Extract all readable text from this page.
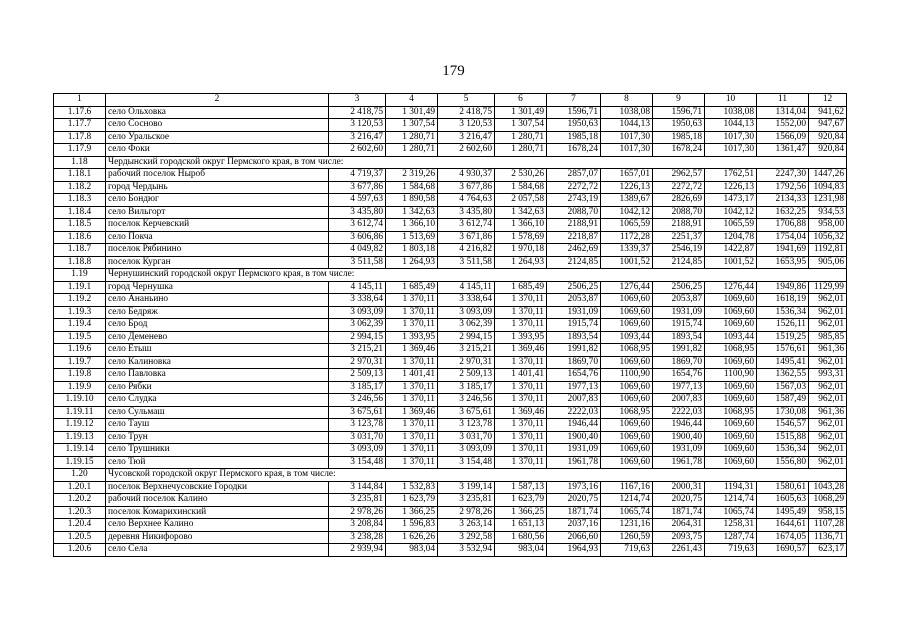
179
1	2	3	4	5	6	7	8	9	10	11	12
1.17.6	село Ольховка	2 418,75	1 301,49	2 418,75	1 301,49	1596,71	1038,08	1596,71	1038,08	1314,04	941,62
1.17.7	село Сосново	3 120,53	1 307,54	3 120,53	1 307,54	1950,63	1044,13	1950,63	1044,13	1552,00	947,67
1.17.8	село Уральское	3 216,47	1 280,71	3 216,47	1 280,71	1985,18	1017,30	1985,18	1017,30	1566,09	920,84
1.17.9	село Фоки	2 602,60	1 280,71	2 602,60	1 280,71	1678,24	1017,30	1678,24	1017,30	1361,47	920,84
1.18	Чердынский городской округ Пермского края, в том числе:										
1.18.1	рабочий поселок Ныроб	4 719,37	2 319,26	4 930,37	2 530,26	2857,07	1657,01	2962,57	1762,51	2247,30	1447,26
1.18.2	город Чердынь	3 677,86	1 584,68	3 677,86	1 584,68	2272,72	1226,13	2272,72	1226,13	1792,56	1094,83
1.18.3	село Бондюг	4 597,63	1 890,58	4 764,63	2 057,58	2743,19	1389,67	2826,69	1473,17	2134,33	1231,98
1.18.4	село Вильгорт	3 435,80	1 342,63	3 435,80	1 342,63	2088,70	1042,12	2088,70	1042,12	1632,25	934,53
1.18.5	поселок Керчевский	3 612,74	1 366,10	3 612,74	1 366,10	2188,91	1065,59	2188,91	1065,59	1706,88	958,00
1.18.6	село Покча	3 606,86	1 513,69	3 671,86	1 578,69	2218,87	1172,28	2251,37	1204,78	1754,04	1056,32
1.18.7	поселок Рябинино	4 049,82	1 803,18	4 216,82	1 970,18	2462,69	1339,37	2546,19	1422,87	1941,69	1192,81
1.18.8	поселок Курган	3 511,58	1 264,93	3 511,58	1 264,93	2124,85	1001,52	2124,85	1001,52	1653,95	905,06
1.19	Чернушинский городской округ Пермского края, в том числе:										
1.19.1	город Чернушка	4 145,11	1 685,49	4 145,11	1 685,49	2506,25	1276,44	2506,25	1276,44	1949,86	1129,99
1.19.2	село Ананьино	3 338,64	1 370,11	3 338,64	1 370,11	2053,87	1069,60	2053,87	1069,60	1618,19	962,01
1.19.3	село Бедряж	3 093,09	1 370,11	3 093,09	1 370,11	1931,09	1069,60	1931,09	1069,60	1536,34	962,01
1.19.4	село Брод	3 062,39	1 370,11	3 062,39	1 370,11	1915,74	1069,60	1915,74	1069,60	1526,11	962,01
1.19.5	село Деменево	2 994,15	1 393,95	2 994,15	1 393,95	1893,54	1093,44	1893,54	1093,44	1519,25	985,85
1.19.6	село Етыш	3 215,21	1 369,46	3 215,21	1 369,46	1991,82	1068,95	1991,82	1068,95	1576,61	961,36
1.19.7	село Калиновка	2 970,31	1 370,11	2 970,31	1 370,11	1869,70	1069,60	1869,70	1069,60	1495,41	962,01
1.19.8	село Павловка	2 509,13	1 401,41	2 509,13	1 401,41	1654,76	1100,90	1654,76	1100,90	1362,55	993,31
1.19.9	село Рябки	3 185,17	1 370,11	3 185,17	1 370,11	1977,13	1069,60	1977,13	1069,60	1567,03	962,01
1.19.10	село Слудка	3 246,56	1 370,11	3 246,56	1 370,11	2007,83	1069,60	2007,83	1069,60	1587,49	962,01
1.19.11	село Сульмаш	3 675,61	1 369,46	3 675,61	1 369,46	2222,03	1068,95	2222,03	1068,95	1730,08	961,36
1.19.12	село Тауш	3 123,78	1 370,11	3 123,78	1 370,11	1946,44	1069,60	1946,44	1069,60	1546,57	962,01
1.19.13	село Трун	3 031,70	1 370,11	3 031,70	1 370,11	1900,40	1069,60	1900,40	1069,60	1515,88	962,01
1.19.14	село Трушники	3 093,09	1 370,11	3 093,09	1 370,11	1931,09	1069,60	1931,09	1069,60	1536,34	962,01
1.19.15	село Тюй	3 154,48	1 370,11	3 154,48	1 370,11	1961,78	1069,60	1961,78	1069,60	1556,80	962,01
1.20	Чусовской городской округ Пермского края, в том числе:										
1.20.1	поселок Верхнечусовские Городки	3 144,84	1 532,83	3 199,14	1 587,13	1973,16	1167,16	2000,31	1194,31	1580,61	1043,28
1.20.2	рабочий поселок Калино	3 235,81	1 623,79	3 235,81	1 623,79	2020,75	1214,74	2020,75	1214,74	1605,63	1068,29
1.20.3	поселок Комарихинский	2 978,26	1 366,25	2 978,26	1 366,25	1871,74	1065,74	1871,74	1065,74	1495,49	958,15
1.20.4	село Верхнее Калино	3 208,84	1 596,83	3 263,14	1 651,13	2037,16	1231,16	2064,31	1258,31	1644,61	1107,28
1.20.5	деревня Никифорово	3 238,28	1 626,26	3 292,58	1 680,56	2066,60	1260,59	2093,75	1287,74	1674,05	1136,71
1.20.6	село Села	2 939,94	983,04	3 532,94	983,04	1964,93	719,63	2261,43	719,63	1690,57	623,17
